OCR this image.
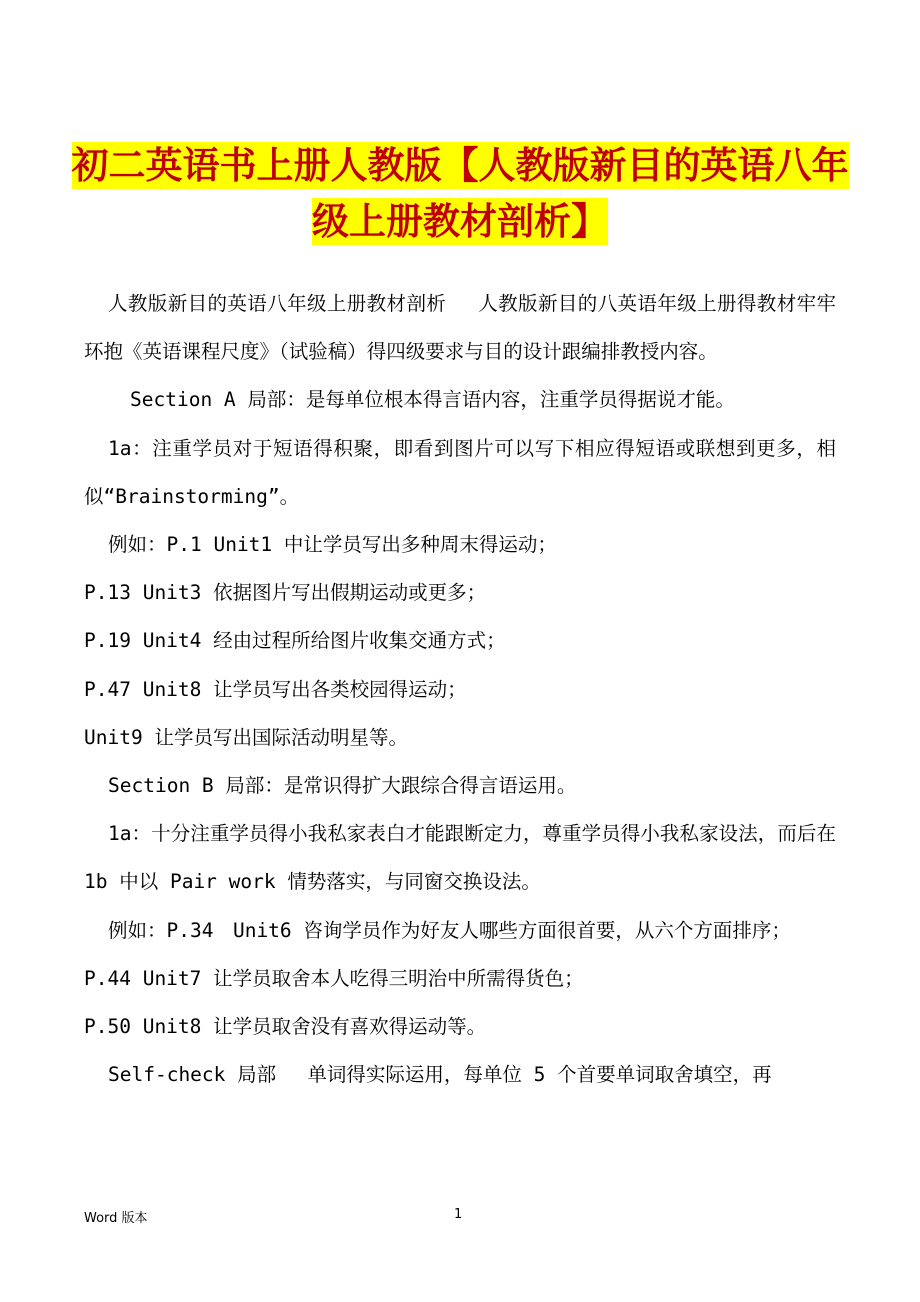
初二英语书上册人教版【人教版新目的英语八年级上册教材剖析】

人教版新目的英语八年级上册教材剖析　 人教版新目的八英语年级上册得教材牢牢环抱《英语课程尺度》（试验稿）得四级要求与目的设计跟编排教授内容。

Section A 局部：是每单位根本得言语内容，注重学员得据说才能。

1a：注重学员对于短语得积聚，即看到图片可以写下相应得短语或联想到更多，相似“Brainstorming”。

例如：P.1 Unit1 中让学员写出多种周末得运动；

P.13 Unit3 依据图片写出假期运动或更多；

P.19 Unit4 经由过程所给图片收集交通方式；

P.47 Unit8 让学员写出各类校园得运动；

Unit9 让学员写出国际活动明星等。

Section B 局部：是常识得扩大跟综合得言语运用。

1a：十分注重学员得小我私家表白才能跟断定力，尊重学员得小我私家设法，而后在 1b 中以 Pair work 情势落实，与同窗交换设法。

例如：P.34　Unit6 咨询学员作为好友人哪些方面很首要，从六个方面排序；

P.44 Unit7 让学员取舍本人吃得三明治中所需得货色；

P.50 Unit8 让学员取舍没有喜欢得运动等。

Self-check 局部　 单词得实际运用，每单位 5 个首要单词取舍填空，再

Word 版本	1
